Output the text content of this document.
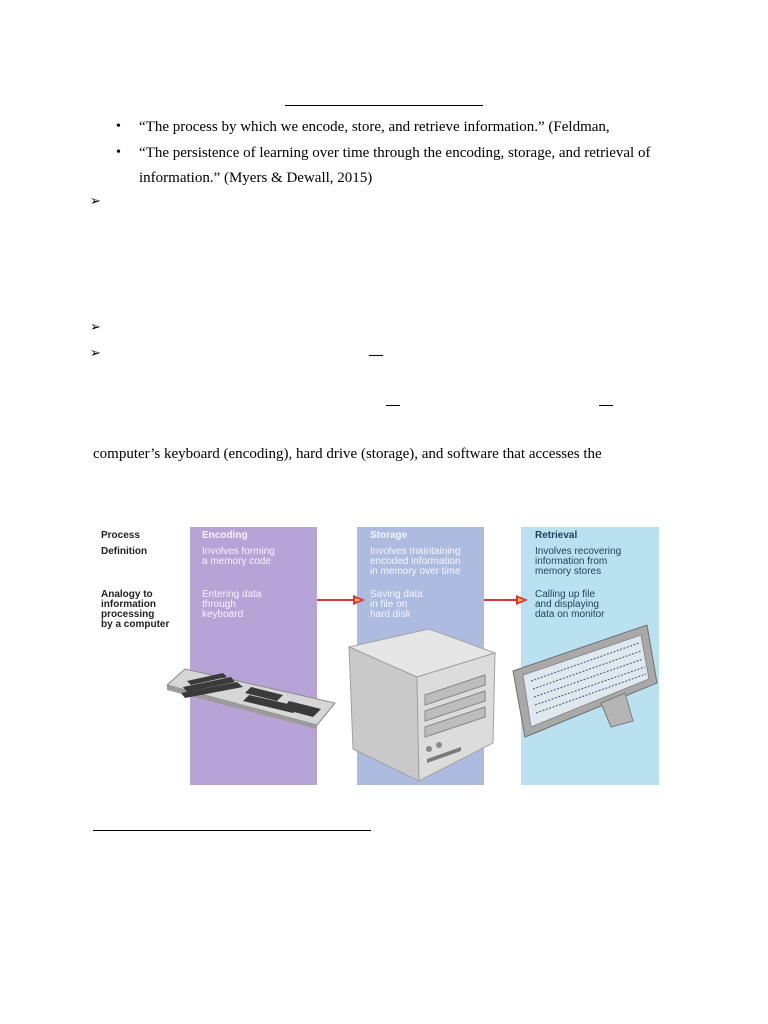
• “The process by which we encode, store, and retrieve information.” (Feldman,
• “The persistence of learning over time through the encoding, storage, and retrieval of
information.” (Myers & Dewall, 2015)
➢
➢
➢
computer’s keyboard (encoding), hard drive (storage), and software that accesses the
Process
Definition
Analogy to
information
processing
by a computer
Encoding
Involves forming
a memory code
Entering data
through
keyboard
Storage
Involves maintaining
encoded information
in memory over time
Saving data
in file on
hard disk
Retrieval
Involves recovering
information from
memory stores
Calling up file
and displaying
data on monitor
